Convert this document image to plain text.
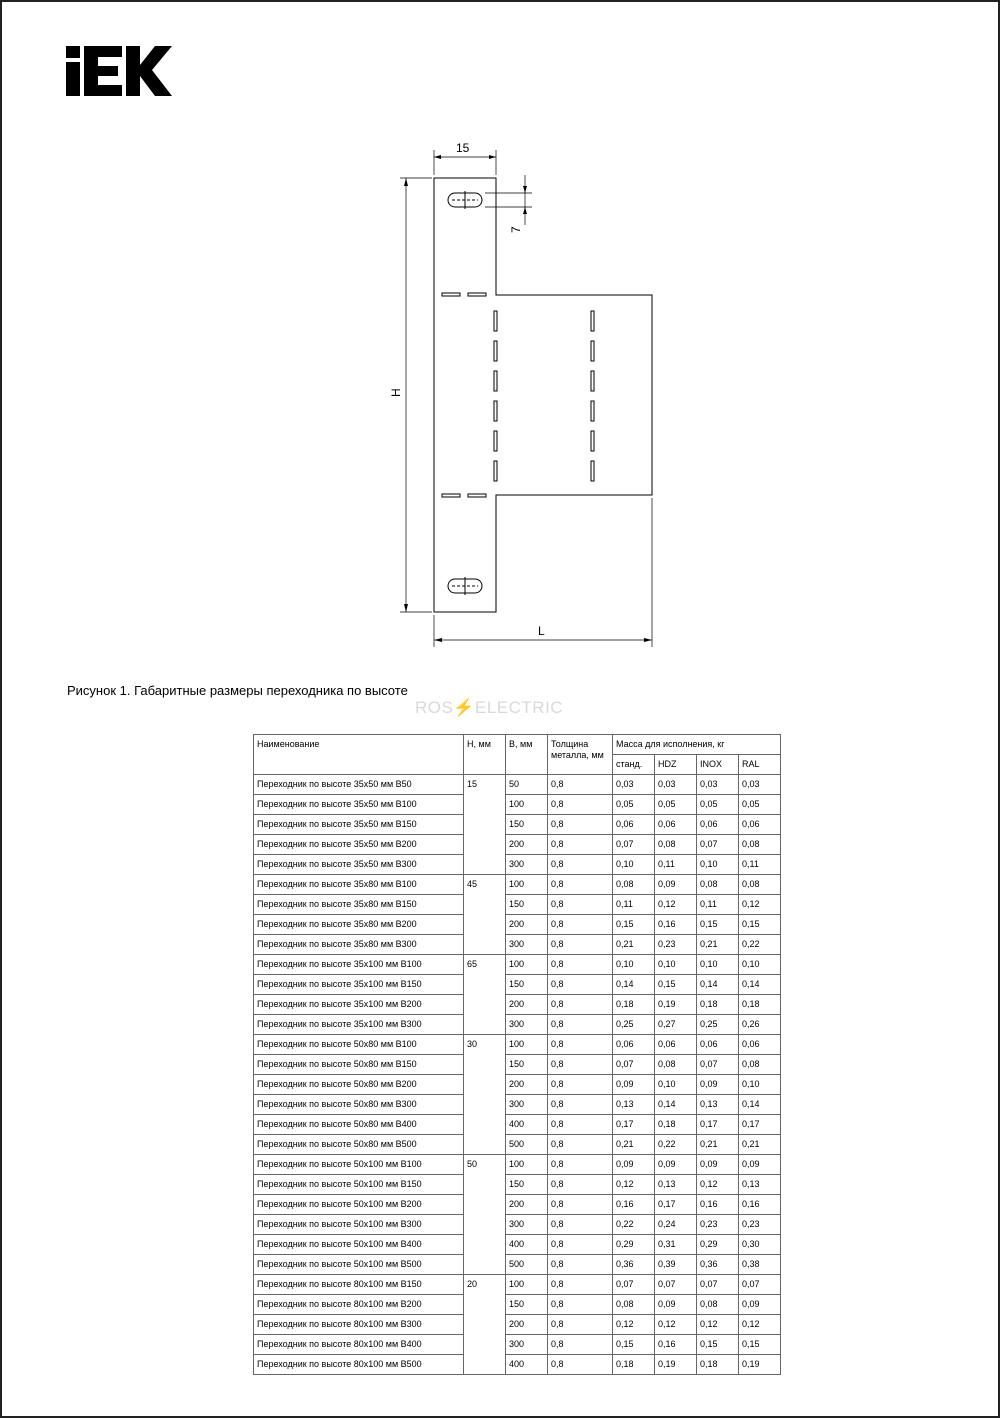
15
H
L
7
Рисунок 1. Габаритные размеры переходника по высоте
ROS⚡ELECTRIC
Наименование	H, мм	B, мм	Толщина металла, мм	Масса для исполнения, кг			
				станд.	HDZ	INOX	RAL
Переходник по высоте 35x50 мм B50	15	50	0,8	0,03	0,03	0,03	0,03
Переходник по высоте 35x50 мм B100		100	0,8	0,05	0,05	0,05	0,05
Переходник по высоте 35x50 мм B150		150	0,8	0,06	0,06	0,06	0,06
Переходник по высоте 35x50 мм B200		200	0,8	0,07	0,08	0,07	0,08
Переходник по высоте 35x50 мм B300		300	0,8	0,10	0,11	0,10	0,11
Переходник по высоте 35x80 мм B100	45	100	0,8	0,08	0,09	0,08	0,08
Переходник по высоте 35x80 мм B150		150	0,8	0,11	0,12	0,11	0,12
Переходник по высоте 35x80 мм B200		200	0,8	0,15	0,16	0,15	0,15
Переходник по высоте 35x80 мм B300		300	0,8	0,21	0,23	0,21	0,22
Переходник по высоте 35x100 мм B100	65	100	0,8	0,10	0,10	0,10	0,10
Переходник по высоте 35x100 мм B150		150	0,8	0,14	0,15	0,14	0,14
Переходник по высоте 35x100 мм B200		200	0,8	0,18	0,19	0,18	0,18
Переходник по высоте 35x100 мм B300		300	0,8	0,25	0,27	0,25	0,26
Переходник по высоте 50x80 мм B100	30	100	0,8	0,06	0,06	0,06	0,06
Переходник по высоте 50x80 мм B150		150	0,8	0,07	0,08	0,07	0,08
Переходник по высоте 50x80 мм B200		200	0,8	0,09	0,10	0,09	0,10
Переходник по высоте 50x80 мм B300		300	0,8	0,13	0,14	0,13	0,14
Переходник по высоте 50x80 мм B400		400	0,8	0,17	0,18	0,17	0,17
Переходник по высоте 50x80 мм B500		500	0,8	0,21	0,22	0,21	0,21
Переходник по высоте 50x100 мм B100	50	100	0,8	0,09	0,09	0,09	0,09
Переходник по высоте 50x100 мм B150		150	0,8	0,12	0,13	0,12	0,13
Переходник по высоте 50x100 мм B200		200	0,8	0,16	0,17	0,16	0,16
Переходник по высоте 50x100 мм B300		300	0,8	0,22	0,24	0,23	0,23
Переходник по высоте 50x100 мм B400		400	0,8	0,29	0,31	0,29	0,30
Переходник по высоте 50x100 мм B500		500	0,8	0,36	0,39	0,36	0,38
Переходник по высоте 80x100 мм B150	20	100	0,8	0,07	0,07	0,07	0,07
Переходник по высоте 80x100 мм B200		150	0,8	0,08	0,09	0,08	0,09
Переходник по высоте 80x100 мм B300		200	0,8	0,12	0,12	0,12	0,12
Переходник по высоте 80x100 мм B400		300	0,8	0,15	0,16	0,15	0,15
Переходник по высоте 80x100 мм B500		400	0,8	0,18	0,19	0,18	0,19
